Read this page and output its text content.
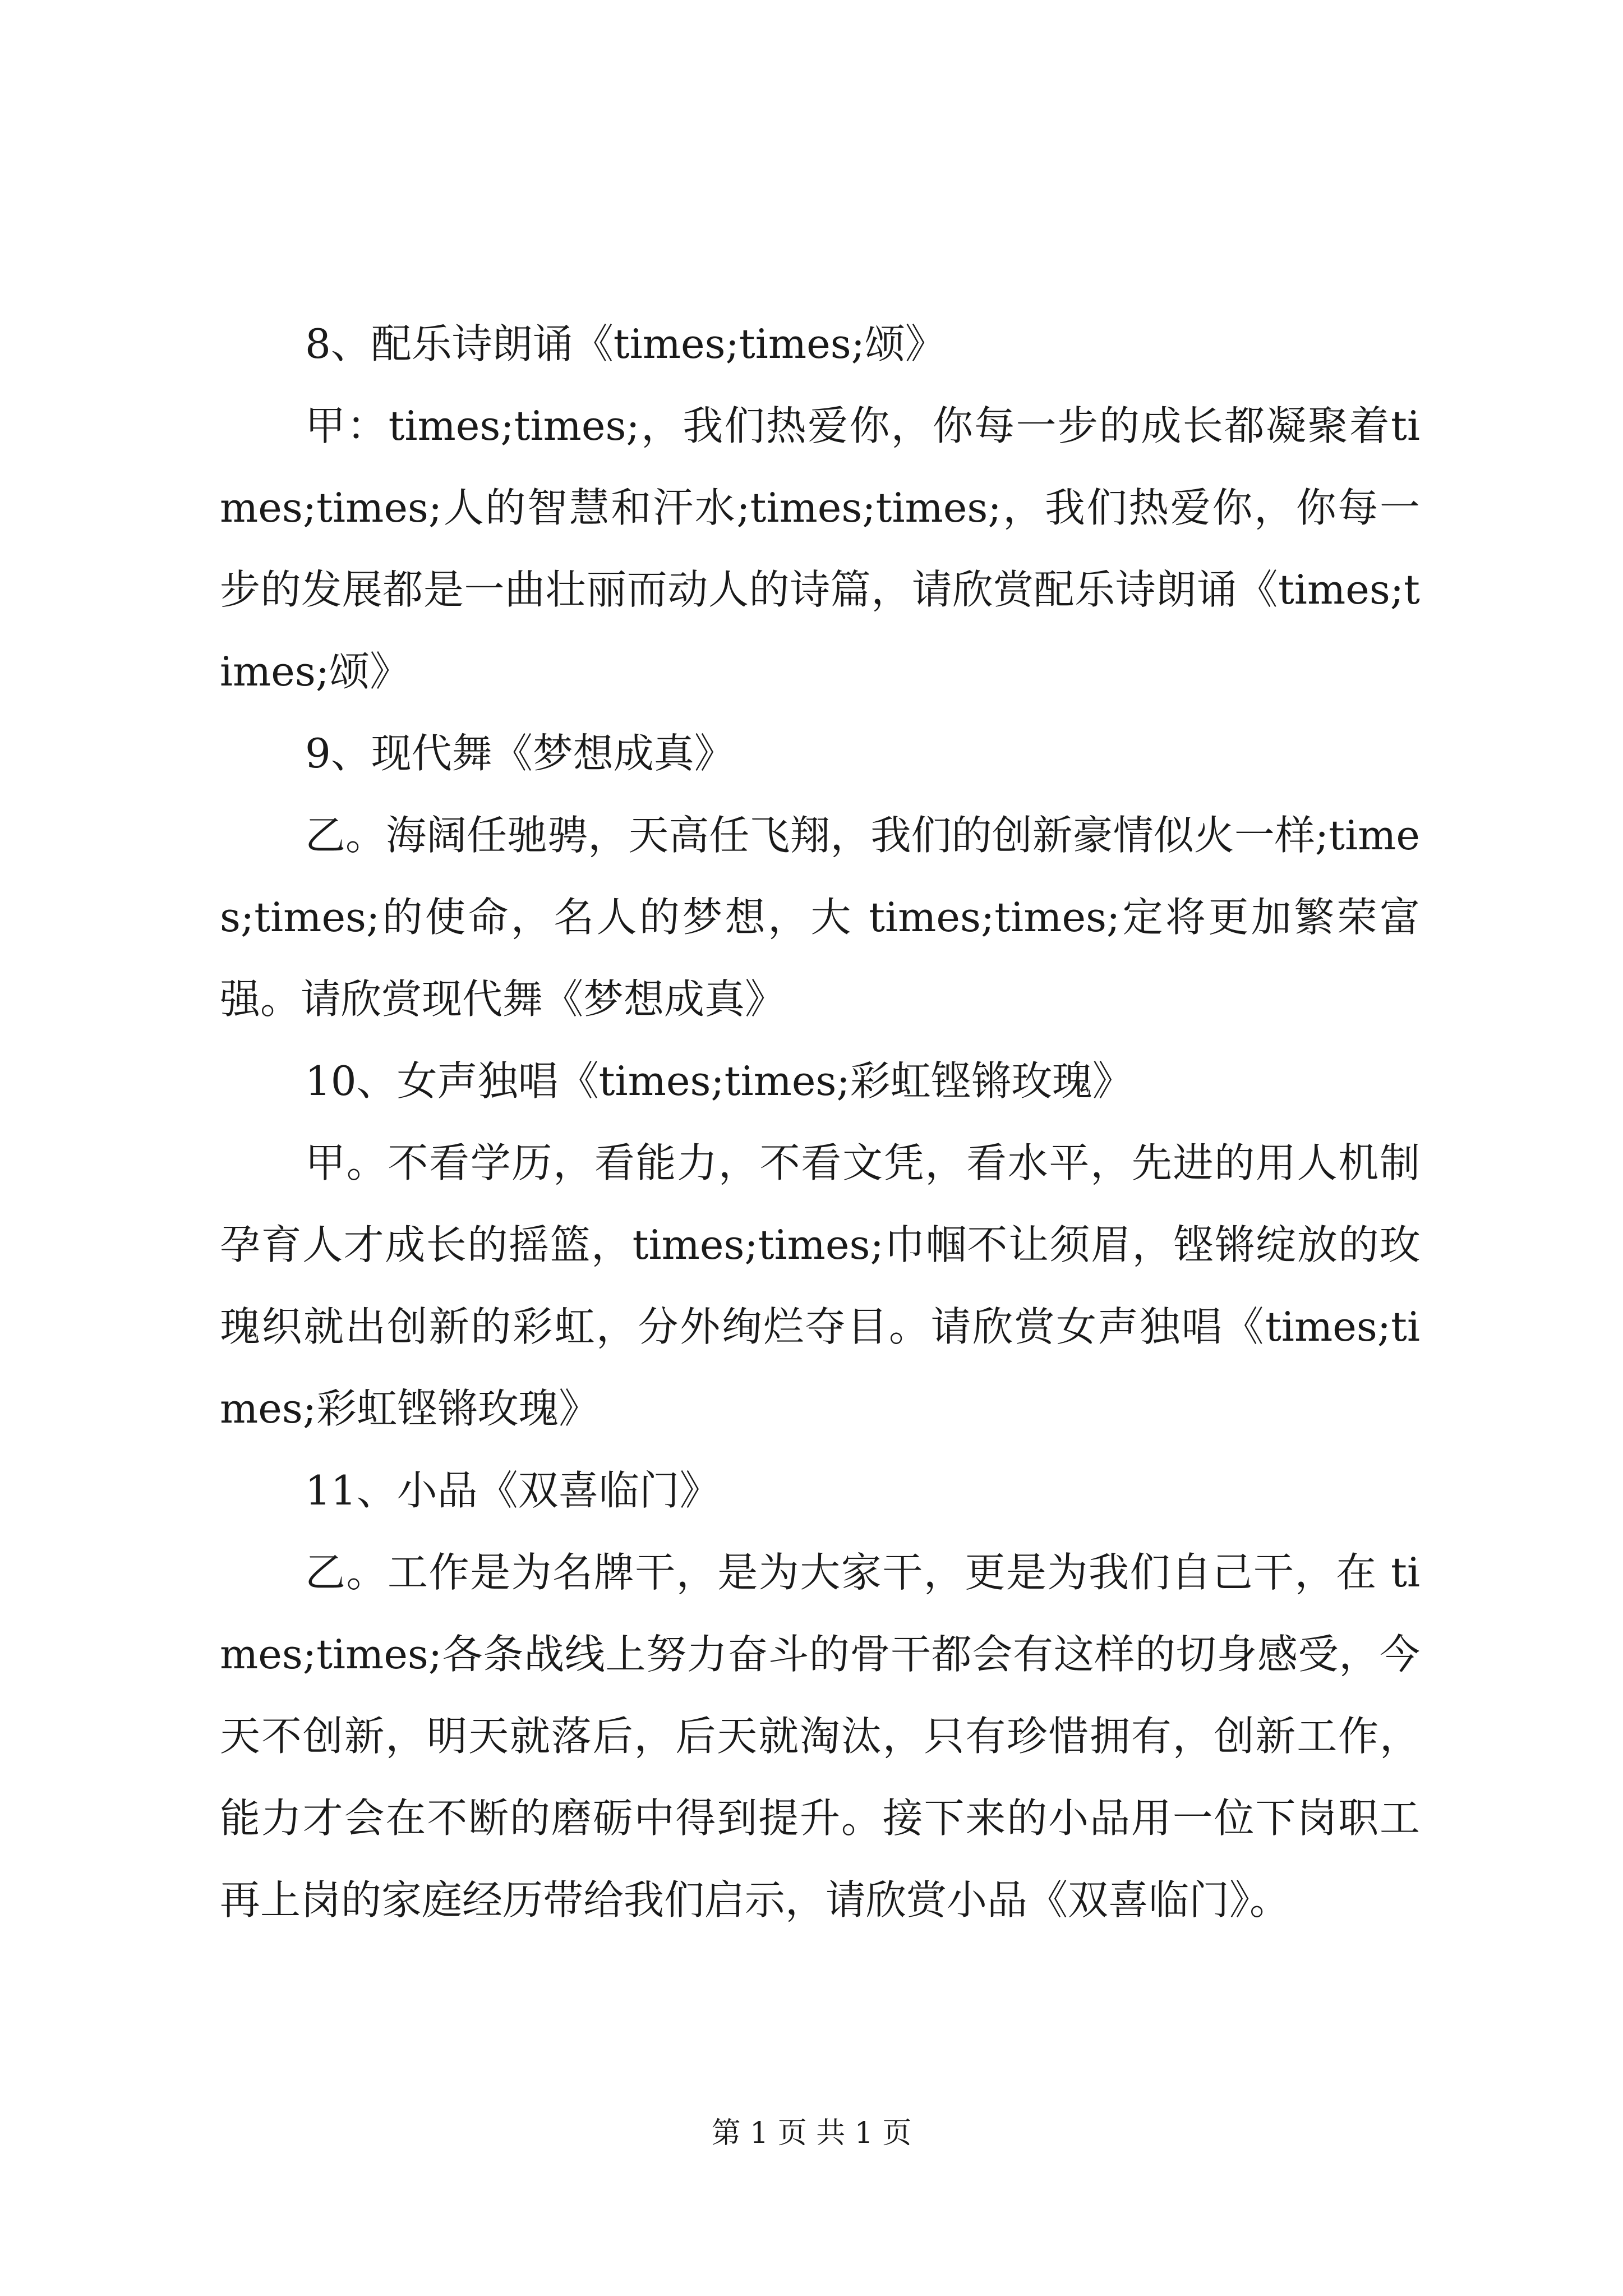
8、配乐诗朗诵《times;times;颂》

甲：times;times;，我们热爱你，你每一步的成长都凝聚着times;times;人的智慧和汗水;times;times;，我们热爱你，你每一步的发展都是一曲壮丽而动人的诗篇，请欣赏配乐诗朗诵《times;times;颂》

9、现代舞《梦想成真》

乙。海阔任驰骋，天高任飞翔，我们的创新豪情似火一样;times;times;的使命，名人的梦想，大 times;times;定将更加繁荣富强。请欣赏现代舞《梦想成真》

10、女声独唱《times;times;彩虹铿锵玫瑰》

甲。不看学历，看能力，不看文凭，看水平，先进的用人机制孕育人才成长的摇篮，times;times;巾帼不让须眉，铿锵绽放的玫瑰织就出创新的彩虹，分外绚烂夺目。请欣赏女声独唱《times;times;彩虹铿锵玫瑰》

11、小品《双喜临门》

乙。工作是为名牌干，是为大家干，更是为我们自己干，在 times;times;各条战线上努力奋斗的骨干都会有这样的切身感受，今天不创新，明天就落后，后天就淘汰，只有珍惜拥有，创新工作，能力才会在不断的磨砺中得到提升。接下来的小品用一位下岗职工再上岗的家庭经历带给我们启示，请欣赏小品《双喜临门》。

第 1 页 共 1 页
